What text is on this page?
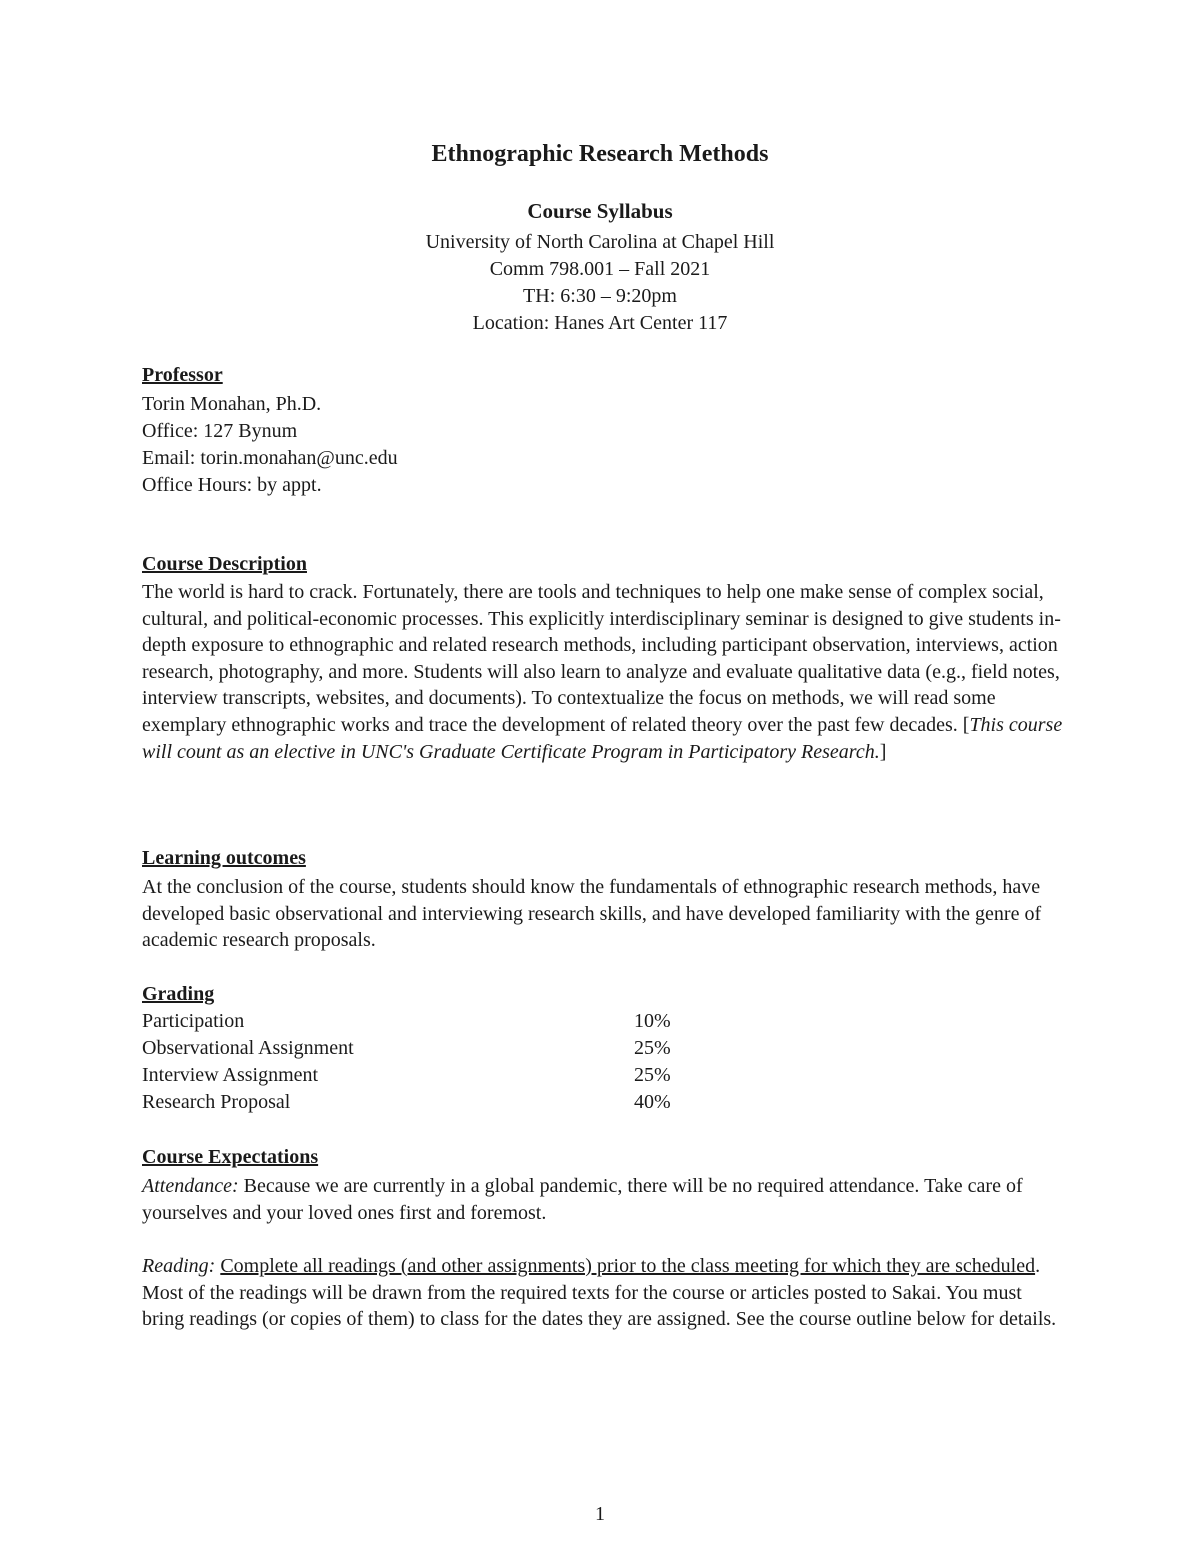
Ethnographic Research Methods
Course Syllabus
University of North Carolina at Chapel Hill
Comm 798.001 – Fall 2021
TH: 6:30 – 9:20pm
Location: Hanes Art Center 117
Professor
Torin Monahan, Ph.D.
Office: 127 Bynum
Email: torin.monahan@unc.edu
Office Hours: by appt.
Course Description
The world is hard to crack. Fortunately, there are tools and techniques to help one make sense of complex social, cultural, and political-economic processes. This explicitly interdisciplinary seminar is designed to give students in-depth exposure to ethnographic and related research methods, including participant observation, interviews, action research, photography, and more. Students will also learn to analyze and evaluate qualitative data (e.g., field notes, interview transcripts, websites, and documents). To contextualize the focus on methods, we will read some exemplary ethnographic works and trace the development of related theory over the past few decades. [This course will count as an elective in UNC's Graduate Certificate Program in Participatory Research.]
Learning outcomes
At the conclusion of the course, students should know the fundamentals of ethnographic research methods, have developed basic observational and interviewing research skills, and have developed familiarity with the genre of academic research proposals.
Grading
Participation	10%
Observational Assignment	25%
Interview Assignment	25%
Research Proposal	40%
Course Expectations
Attendance: Because we are currently in a global pandemic, there will be no required attendance. Take care of yourselves and your loved ones first and foremost.
Reading: Complete all readings (and other assignments) prior to the class meeting for which they are scheduled. Most of the readings will be drawn from the required texts for the course or articles posted to Sakai. You must bring readings (or copies of them) to class for the dates they are assigned. See the course outline below for details.
1
